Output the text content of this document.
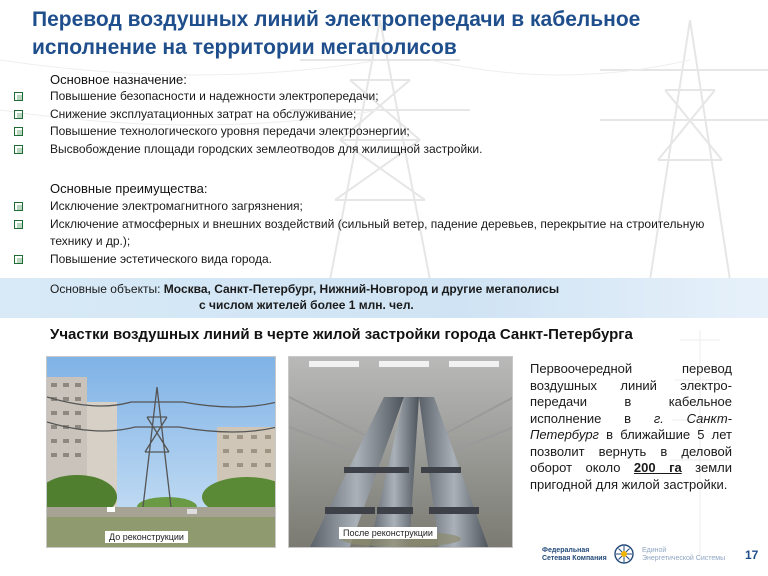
Перевод воздушных линий электропередачи в кабельное исполнение на территории мегаполисов
Основное назначение:
Повышение безопасности и надежности электропередачи;
Снижение эксплуатационных затрат на обслуживание;
Повышение технологического уровня передачи электроэнергии;
Высвобождение площади городских землеотводов для жилищной застройки.
Основные преимущества:
Исключение электромагнитного загрязнения;
Исключение атмосферных и внешних воздействий (сильный ветер, падение деревьев, перекрытие на строительную технику и др.);
Повышение эстетического вида города.
Основные объекты: Москва, Санкт-Петербург, Нижний-Новгород и другие мегаполисы
с числом жителей более 1 млн. чел.
Участки воздушных линий в черте жилой застройки города Санкт-Петербурга
До реконструкции	После реконструкции

Первоочередной перевод воздушных линий электро-передачи в кабельное исполнение в г. Санкт-Петербург в ближайшие 5 лет позволит вернуть в деловой оборот около 200 га земли пригодной для жилой застройки.

Федеральная
Сетевая Компания
Единой
Энергетической Системы 17
